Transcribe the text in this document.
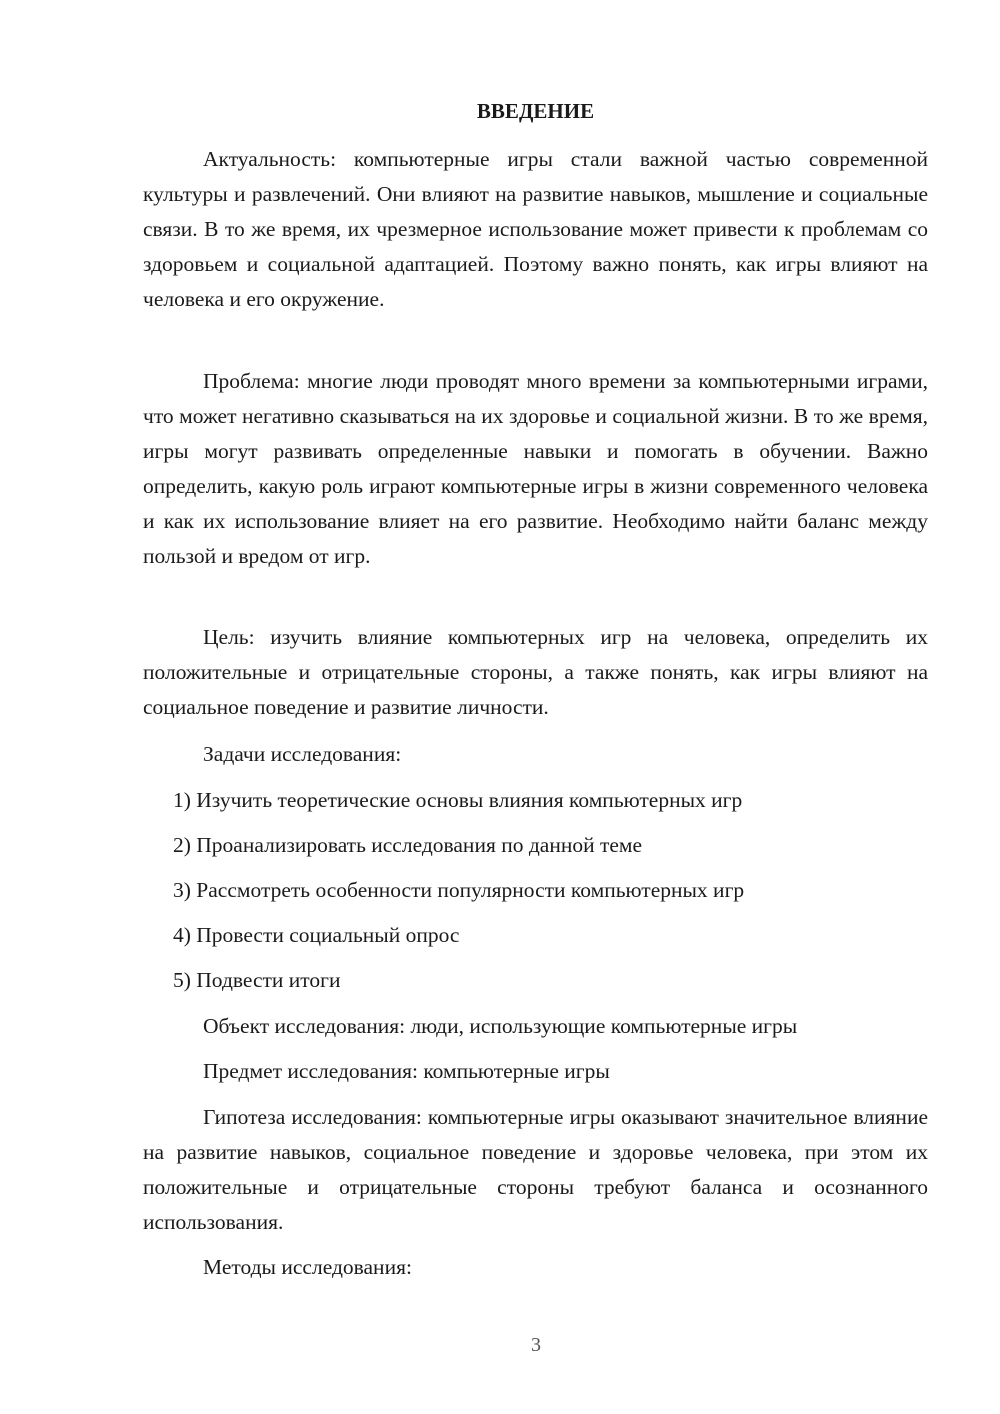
ВВЕДЕНИЕ

Актуальность: компьютерные игры стали важной частью современной культуры и развлечений. Они влияют на развитие навыков, мышление и социальные связи. В то же время, их чрезмерное использование может привести к проблемам со здоровьем и социальной адаптацией. Поэтому важно понять, как игры влияют на человека и его окружение.

Проблема: многие люди проводят много времени за компьютерными играми, что может негативно сказываться на их здоровье и социальной жизни. В то же время, игры могут развивать определенные навыки и помогать в обучении. Важно определить, какую роль играют компьютерные игры в жизни современного человека и как их использование влияет на его развитие. Необходимо найти баланс между пользой и вредом от игр.

Цель: изучить влияние компьютерных игр на человека, определить их положительные и отрицательные стороны, а также понять, как игры влияют на социальное поведение и развитие личности.

Задачи исследования:

1) Изучить теоретические основы влияния компьютерных игр

2) Проанализировать исследования по данной теме

3) Рассмотреть особенности популярности компьютерных игр

4) Провести социальный опрос

5) Подвести итоги

Объект исследования: люди, использующие компьютерные игры

Предмет исследования: компьютерные игры

Гипотеза исследования: компьютерные игры оказывают значительное влияние на развитие навыков, социальное поведение и здоровье человека, при этом их положительные и отрицательные стороны требуют баланса и осознанного использования.

Методы исследования:

3
